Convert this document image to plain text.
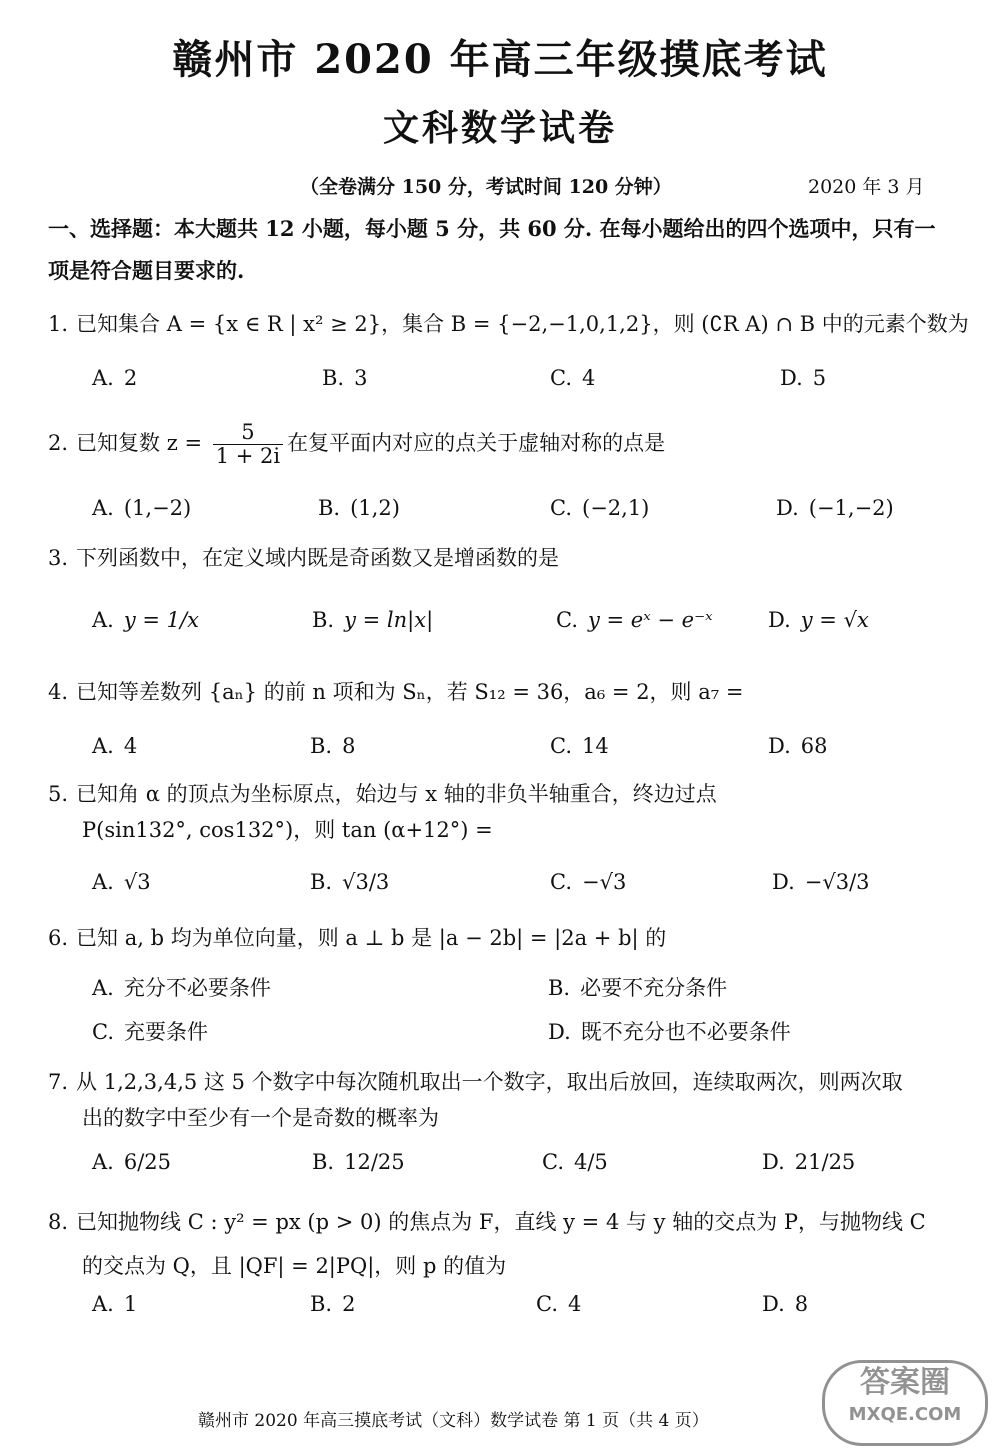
赣州市 2020 年高三年级摸底考试
文科数学试卷
（全卷满分 150 分，考试时间 120 分钟）	2020 年 3 月
一、选择题：本大题共 12 小题，每小题 5 分，共 60 分. 在每小题给出的四个选项中，只有一
项是符合题目要求的.
1. 已知集合 A = {x ∈ R | x² ≥ 2}，集合 B = {−2,−1,0,1,2}，则 (∁R A) ∩ B 中的元素个数为
A. 2	B. 3	C. 4	D. 5
2. 已知复数 $z = \frac{5}{1 + 2i}$ 在复平面内对应的点关于虚轴对称的点是
A. (1,−2)	B. (1,2)	C. (−2,1)	D. (−1,−2)
3. 下列函数中，在定义域内既是奇函数又是增函数的是
A. y = 1/x	B. y = ln|x|	C. y = eˣ − e⁻ˣ	D. y = √x
4. 已知等差数列 {aₙ} 的前 n 项和为 Sₙ，若 S₁₂ = 36，a₆ = 2，则 a₇ =
A. 4	B. 8	C. 14	D. 68
5. 已知角 α 的顶点为坐标原点，始边与 x 轴的非负半轴重合，终边过点
P(sin132°, cos132°)，则 tan (α+12°) =
A. √3	B. √3/3	C. −√3	D. −√3/3
6. 已知 a, b 均为单位向量，则 a ⊥ b 是 |a − 2b| = |2a + b| 的
A. 充分不必要条件	B. 必要不充分条件
C. 充要条件	D. 既不充分也不必要条件
7. 从 1,2,3,4,5 这 5 个数字中每次随机取出一个数字，取出后放回，连续取两次，则两次取
出的数字中至少有一个是奇数的概率为
A. 6/25	B. 12/25	C. 4/5	D. 21/25
8. 已知抛物线 C : y² = px (p > 0) 的焦点为 F，直线 y = 4 与 y 轴的交点为 P，与抛物线 C
的交点为 Q，且 |QF| = 2|PQ|，则 p 的值为
A. 1	B. 2	C. 4	D. 8
赣州市 2020 年高三摸底考试（文科）数学试卷 第 1 页（共 4 页）
答案圈
MXQE.COM
